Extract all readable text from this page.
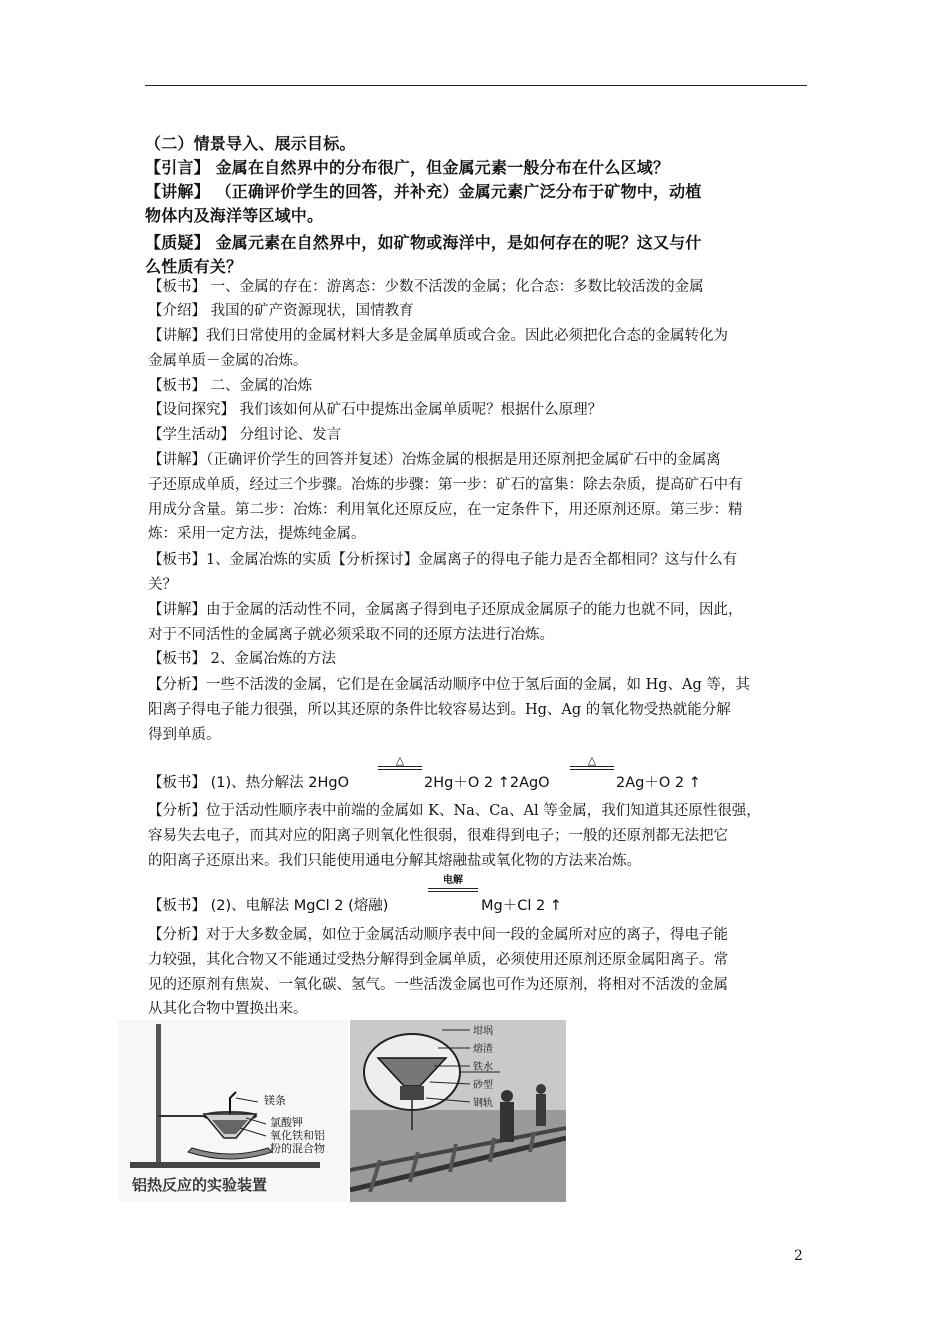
（二）情景导入、展示目标。
【引言】 金属在自然界中的分布很广，但金属元素一般分布在什么区域？
【讲解】 （正确评价学生的回答，并补充）金属元素广泛分布于矿物中，动植
物体内及海洋等区域中。
【质疑】 金属元素在自然界中，如矿物或海洋中，是如何存在的呢？这又与什
么性质有关？
【板书】 一、金属的存在：游离态：少数不活泼的金属；化合态：多数比较活泼的金属
【介绍】 我国的矿产资源现状，国情教育
【讲解】我们日常使用的金属材料大多是金属单质或合金。因此必须把化合态的金属转化为
金属单质－金属的冶炼。
【板书】 二、金属的冶炼
【设问探究】 我们该如何从矿石中提炼出金属单质呢？根据什么原理？
【学生活动】 分组讨论、发言
【讲解】（正确评价学生的回答并复述）冶炼金属的根据是用还原剂把金属矿石中的金属离
子还原成单质，经过三个步骤。冶炼的步骤：第一步：矿石的富集：除去杂质，提高矿石中有
用成分含量。第二步：冶炼：利用氧化还原反应，在一定条件下，用还原剂还原。第三步：精
炼：采用一定方法，提炼纯金属。
【板书】1、金属冶炼的实质【分析探讨】金属离子的得电子能力是否全都相同？这与什么有
关？
【讲解】由于金属的活动性不同，金属离子得到电子还原成金属原子的能力也就不同，因此，
对于不同活性的金属离子就必须采取不同的还原方法进行冶炼。
【板书】 2、金属冶炼的方法
【分析】一些不活泼的金属，它们是在金属活动顺序中位于氢后面的金属，如 Hg、Ag 等，其
阳离子得电子能力很强，所以其还原的条件比较容易达到。Hg、Ag 的氧化物受热就能分解
得到单质。
【板书】 (1)、热分解法 2HgO
△
2Hg＋O 2 ↑2AgO
△
2Ag＋O 2 ↑
【分析】位于活动性顺序表中前端的金属如 K、Na、Ca、Al 等金属，我们知道其还原性很强，
容易失去电子，而其对应的阳离子则氧化性很弱，很难得到电子；一般的还原剂都无法把它
的阳离子还原出来。我们只能使用通电分解其熔融盐或氧化物的方法来冶炼。
【板书】 (2)、电解法 MgCl 2 (熔融)
电解
Mg＋Cl 2 ↑
【分析】对于大多数金属，如位于金属活动顺序表中间一段的金属所对应的离子，得电子能
力较强，其化合物又不能通过受热分解得到金属单质，必须使用还原剂还原金属阳离子。常
见的还原剂有焦炭、一氧化碳、氢气。一些活泼金属也可作为还原剂，将相对不活泼的金属
从其化合物中置换出来。
镁条
氯酸钾
氧化铁和铝
粉的混合物
铝热反应的实验装置
坩埚
熔渣
铁水
砂型
钢轨
2
